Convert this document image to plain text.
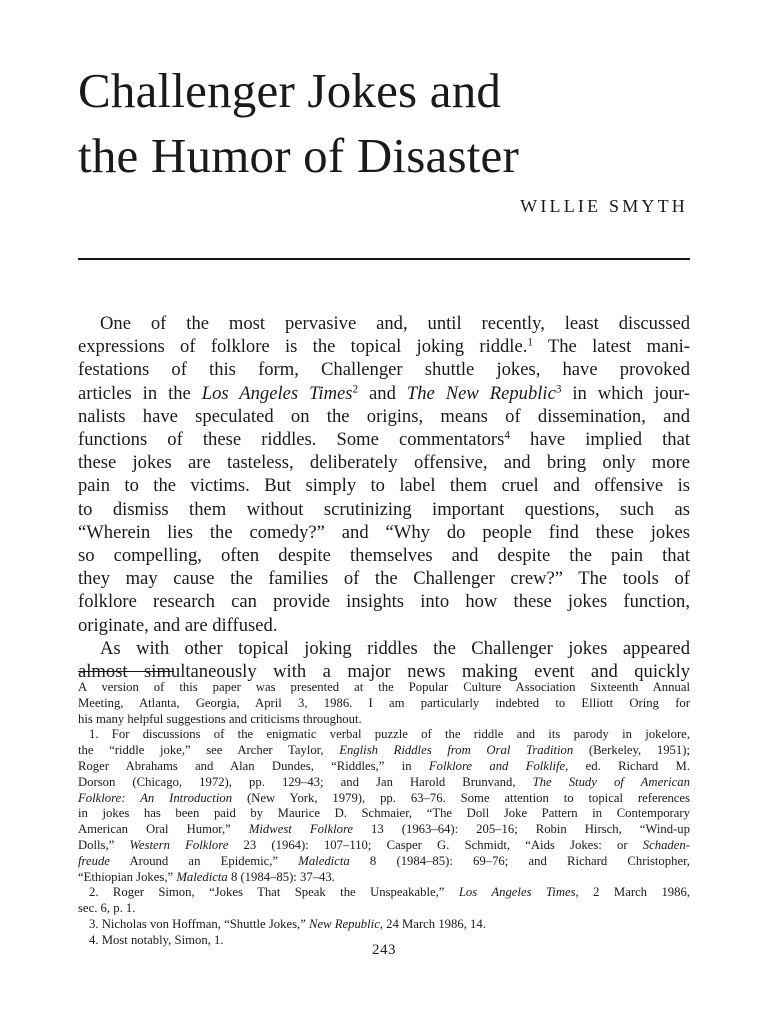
Challenger Jokes and
the Humor of Disaster
WILLIE SMYTH
One of the most pervasive and, until recently, least discussed
expressions of folklore is the topical joking riddle.$^1$ The latest mani-
festations of this form, Challenger shuttle jokes, have provoked
articles in the Los Angeles Times$^2$ and The New Republic$^3$ in which jour-
nalists have speculated on the origins, means of dissemination, and
functions of these riddles. Some commentators$^4$ have implied that
these jokes are tasteless, deliberately offensive, and bring only more
pain to the victims. But simply to label them cruel and offensive is
to dismiss them without scrutinizing important questions, such as
“Wherein lies the comedy?” and “Why do people find these jokes
so compelling, often despite themselves and despite the pain that
they may cause the families of the Challenger crew?” The tools of
folklore research can provide insights into how these jokes function,
originate, and are diffused.
As with other topical joking riddles the Challenger jokes appeared
almost simultaneously with a major news making event and quickly
A version of this paper was presented at the Popular Culture Association Sixteenth Annual
Meeting, Atlanta, Georgia, April 3, 1986. I am particularly indebted to Elliott Oring for
his many helpful suggestions and criticisms throughout.
1. For discussions of the enigmatic verbal puzzle of the riddle and its parody in jokelore,
the “riddle joke,” see Archer Taylor, English Riddles from Oral Tradition (Berkeley, 1951);
Roger Abrahams and Alan Dundes, “Riddles,” in Folklore and Folklife, ed. Richard M.
Dorson (Chicago, 1972), pp. 129–43; and Jan Harold Brunvand, The Study of American
Folklore: An Introduction (New York, 1979), pp. 63–76. Some attention to topical references
in jokes has been paid by Maurice D. Schmaier, “The Doll Joke Pattern in Contemporary
American Oral Humor,” Midwest Folklore 13 (1963–64): 205–16; Robin Hirsch, “Wind-up
Dolls,” Western Folklore 23 (1964): 107–110; Casper G. Schmidt, “Aids Jokes: or Schaden-
freude Around an Epidemic,” Maledicta 8 (1984–85): 69–76; and Richard Christopher,
“Ethiopian Jokes,” Maledicta 8 (1984–85): 37–43.
2. Roger Simon, “Jokes That Speak the Unspeakable,” Los Angeles Times, 2 March 1986,
sec. 6, p. 1.
3. Nicholas von Hoffman, “Shuttle Jokes,” New Republic, 24 March 1986, 14.
4. Most notably, Simon, 1.
243
